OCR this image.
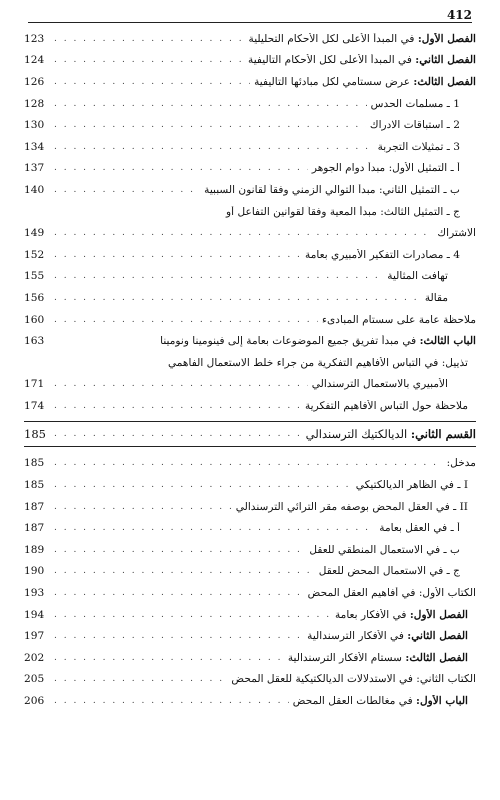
412
الفصل الأول: في المبدأ الأعلى لكل الأحكام التحليلية
. . .
123
الفصل الثاني: في المبدأ الأعلى لكل الأحكام التأليفية
. . .
124
الفصل الثالث: عرض سستامي لكل مبادئها التأليفية
. . .
126
1 ـ مسلمات الحدس
. . .
128
2 ـ استباقات الادراك
. . .
130
3 ـ تمثيلات التجربة
. . .
134
أ ـ التمثيل الأول: مبدأ دوام الجوهر
. . .
137
ب ـ التمثيل الثاني: مبدأ التوالي الزمني وفقاً لقانون السببية
. . .
140
ج ـ التمثيل الثالث: مبدأ المعية وفقاً لقوانين التفاعل أو
الاشتراك
. . .
149
4 ـ مصادرات التفكير الأمبيري بعامة
. . .
152
تهافت المثالية
. . .
155
مقالة
. . .
156
ملاحظة عامة على سستام المبادىء
. . .
160
الباب الثالث: في مبدأ تفريق جميع الموضوعات بعامة إلى فينومينا ونومينا
163
تذييل: في التباس الأفاهيم التفكرية من جراء خلط الاستعمال الفاهمي
الأمبيري بالاستعمال الترسندالي
. . .
171
ملاحظة حول التباس الأفاهيم التفكرية
. . .
174
القسم الثاني: الديالكتيك الترسندالي
. . .
185
مدخل:
. . .
185
I ـ في الظاهر الديالكتيكي
. . .
185
II ـ في العقل المحض بوصفه مقر الترائي الترسندالي
. . .
187
أ ـ في العقل بعامة
. . .
187
ب ـ في الاستعمال المنطقي للعقل
. . .
189
ج ـ في الاستعمال المحض للعقل
. . .
190
الكتاب الأول: في أفاهيم العقل المحض
. . .
193
الفصل الأول: في الأفكار بعامة
. . .
194
الفصل الثاني: في الأفكار الترسندالية
. . .
197
الفصل الثالث: سستام الأفكار الترسندالية
. . .
202
الكتاب الثاني: في الاستدلالات الديالكتيكية للعقل المحض
. . .
205
الباب الأول: في مغالطات العقل المحض
. . .
206
